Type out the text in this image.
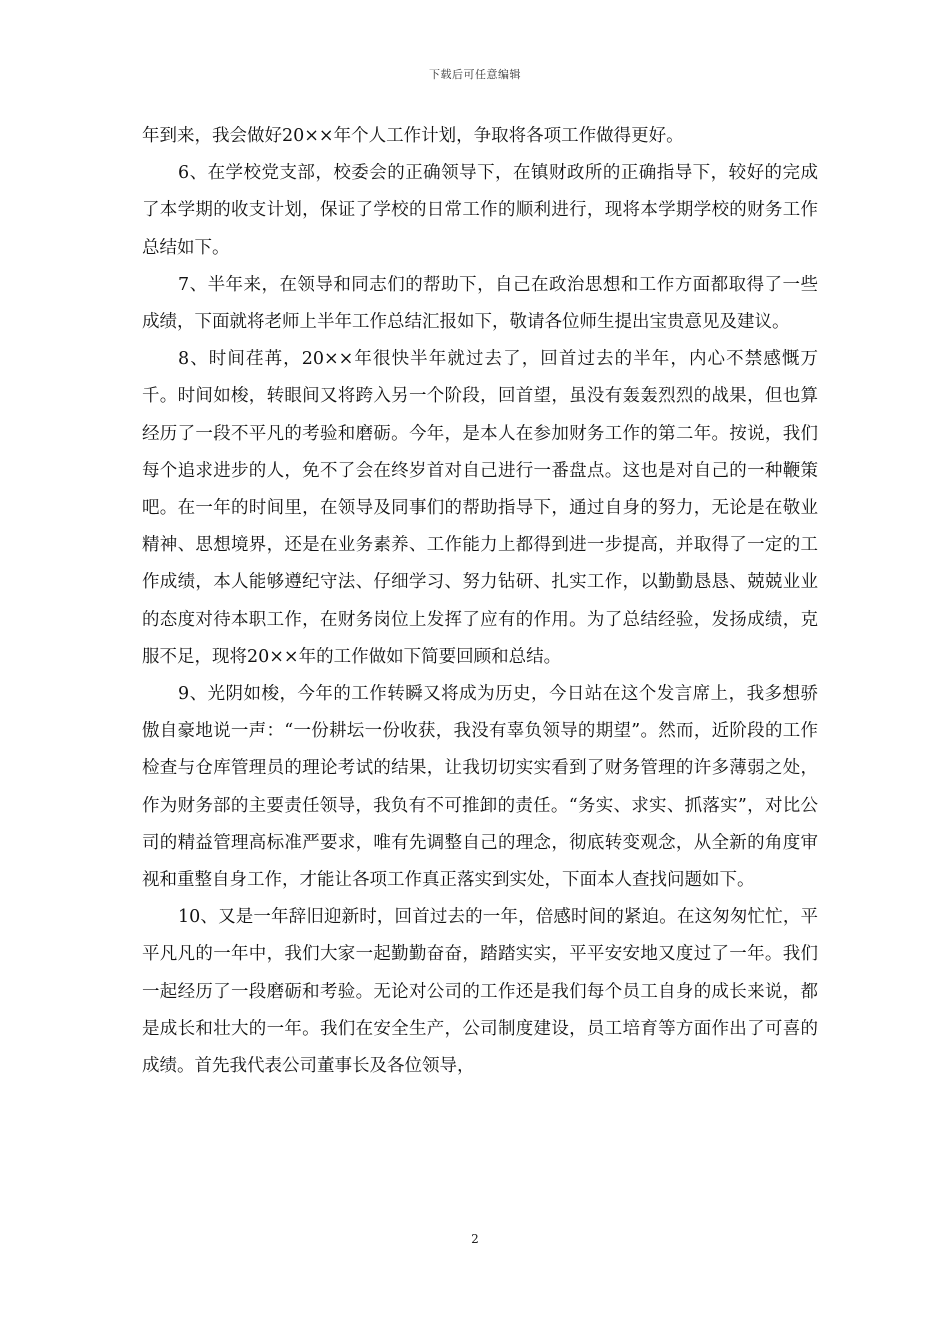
下载后可任意编辑

年到来，我会做好20××年个人工作计划，争取将各项工作做得更好。

6、在学校党支部，校委会的正确领导下，在镇财政所的正确指导下，较好的完成了本学期的收支计划，保证了学校的日常工作的顺利进行，现将本学期学校的财务工作总结如下。

7、半年来，在领导和同志们的帮助下，自己在政治思想和工作方面都取得了一些成绩，下面就将老师上半年工作总结汇报如下，敬请各位师生提出宝贵意见及建议。

8、时间荏苒，20××年很快半年就过去了，回首过去的半年，内心不禁感慨万千。时间如梭，转眼间又将跨入另一个阶段，回首望，虽没有轰轰烈烈的战果，但也算经历了一段不平凡的考验和磨砺。今年，是本人在参加财务工作的第二年。按说，我们每个追求进步的人，免不了会在终岁首对自己进行一番盘点。这也是对自己的一种鞭策吧。在一年的时间里，在领导及同事们的帮助指导下，通过自身的努力，无论是在敬业精神、思想境界，还是在业务素养、工作能力上都得到进一步提高，并取得了一定的工作成绩，本人能够遵纪守法、仔细学习、努力钻研、扎实工作，以勤勤恳恳、兢兢业业的态度对待本职工作，在财务岗位上发挥了应有的作用。为了总结经验，发扬成绩，克服不足，现将20××年的工作做如下简要回顾和总结。

9、光阴如梭，今年的工作转瞬又将成为历史，今日站在这个发言席上，我多想骄傲自豪地说一声：“一份耕坛一份收获，我没有辜负领导的期望”。然而，近阶段的工作检查与仓库管理员的理论考试的结果，让我切切实实看到了财务管理的许多薄弱之处，作为财务部的主要责任领导，我负有不可推卸的责任。“务实、求实、抓落实”，对比公司的精益管理高标准严要求，唯有先调整自己的理念，彻底转变观念，从全新的角度审视和重整自身工作，才能让各项工作真正落实到实处，下面本人查找问题如下。

10、又是一年辞旧迎新时，回首过去的一年，倍感时间的紧迫。在这匆匆忙忙，平平凡凡的一年中，我们大家一起勤勤奋奋，踏踏实实，平平安安地又度过了一年。我们一起经历了一段磨砺和考验。无论对公司的工作还是我们每个员工自身的成长来说，都是成长和壮大的一年。我们在安全生产，公司制度建设，员工培育等方面作出了可喜的成绩。首先我代表公司董事长及各位领导，

2
